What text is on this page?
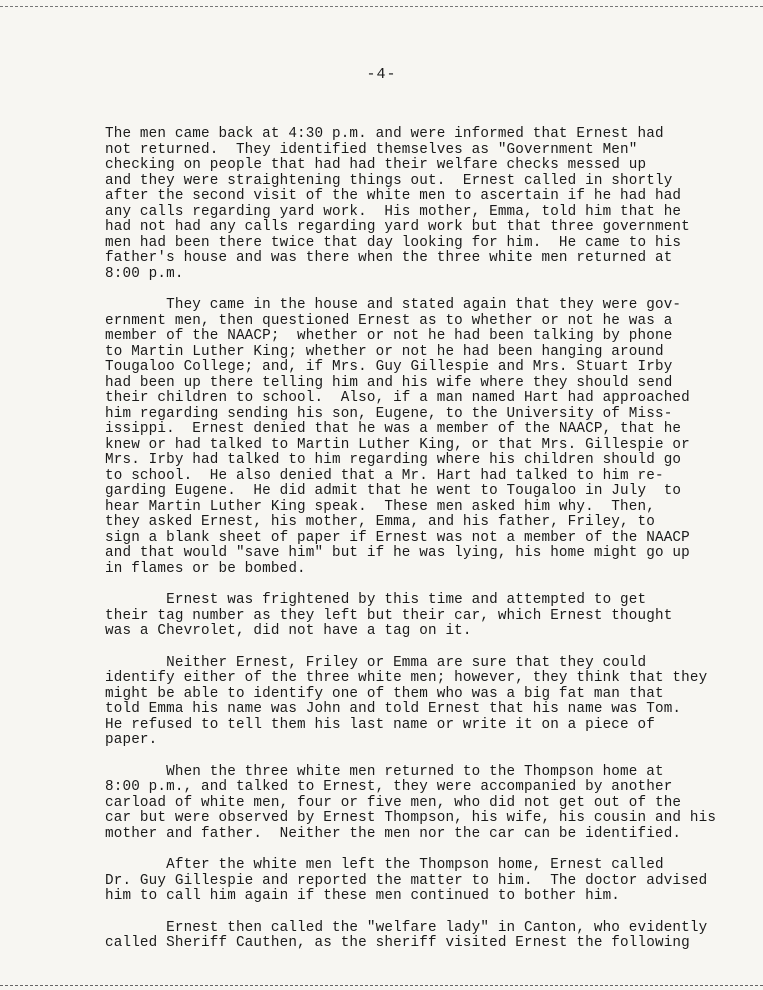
-4-

The men came back at 4:30 p.m. and were informed that Ernest had
not returned.  They identified themselves as "Government Men"
checking on people that had had their welfare checks messed up
and they were straightening things out.  Ernest called in shortly
after the second visit of the white men to ascertain if he had had
any calls regarding yard work.  His mother, Emma, told him that he
had not had any calls regarding yard work but that three government
men had been there twice that day looking for him.  He came to his
father's house and was there when the three white men returned at
8:00 p.m.

They came in the house and stated again that they were gov-
ernment men, then questioned Ernest as to whether or not he was a
member of the NAACP;  whether or not he had been talking by phone
to Martin Luther King; whether or not he had been hanging around
Tougaloo College; and, if Mrs. Guy Gillespie and Mrs. Stuart Irby
had been up there telling him and his wife where they should send
their children to school.  Also, if a man named Hart had approached
him regarding sending his son, Eugene, to the University of Miss-
issippi.  Ernest denied that he was a member of the NAACP, that he
knew or had talked to Martin Luther King, or that Mrs. Gillespie or
Mrs. Irby had talked to him regarding where his children should go
to school.  He also denied that a Mr. Hart had talked to him re-
garding Eugene.  He did admit that he went to Tougaloo in July  to
hear Martin Luther King speak.  These men asked him why.  Then,
they asked Ernest, his mother, Emma, and his father, Friley, to
sign a blank sheet of paper if Ernest was not a member of the NAACP
and that would "save him" but if he was lying, his home might go up
in flames or be bombed.

Ernest was frightened by this time and attempted to get
their tag number as they left but their car, which Ernest thought
was a Chevrolet, did not have a tag on it.

Neither Ernest, Friley or Emma are sure that they could
identify either of the three white men; however, they think that they
might be able to identify one of them who was a big fat man that
told Emma his name was John and told Ernest that his name was Tom.
He refused to tell them his last name or write it on a piece of
paper.

When the three white men returned to the Thompson home at
8:00 p.m., and talked to Ernest, they were accompanied by another
carload of white men, four or five men, who did not get out of the
car but were observed by Ernest Thompson, his wife, his cousin and his
mother and father.  Neither the men nor the car can be identified.

After the white men left the Thompson home, Ernest called
Dr. Guy Gillespie and reported the matter to him.  The doctor advised
him to call him again if these men continued to bother him.

Ernest then called the "welfare lady" in Canton, who evidently
called Sheriff Cauthen, as the sheriff visited Ernest the following
